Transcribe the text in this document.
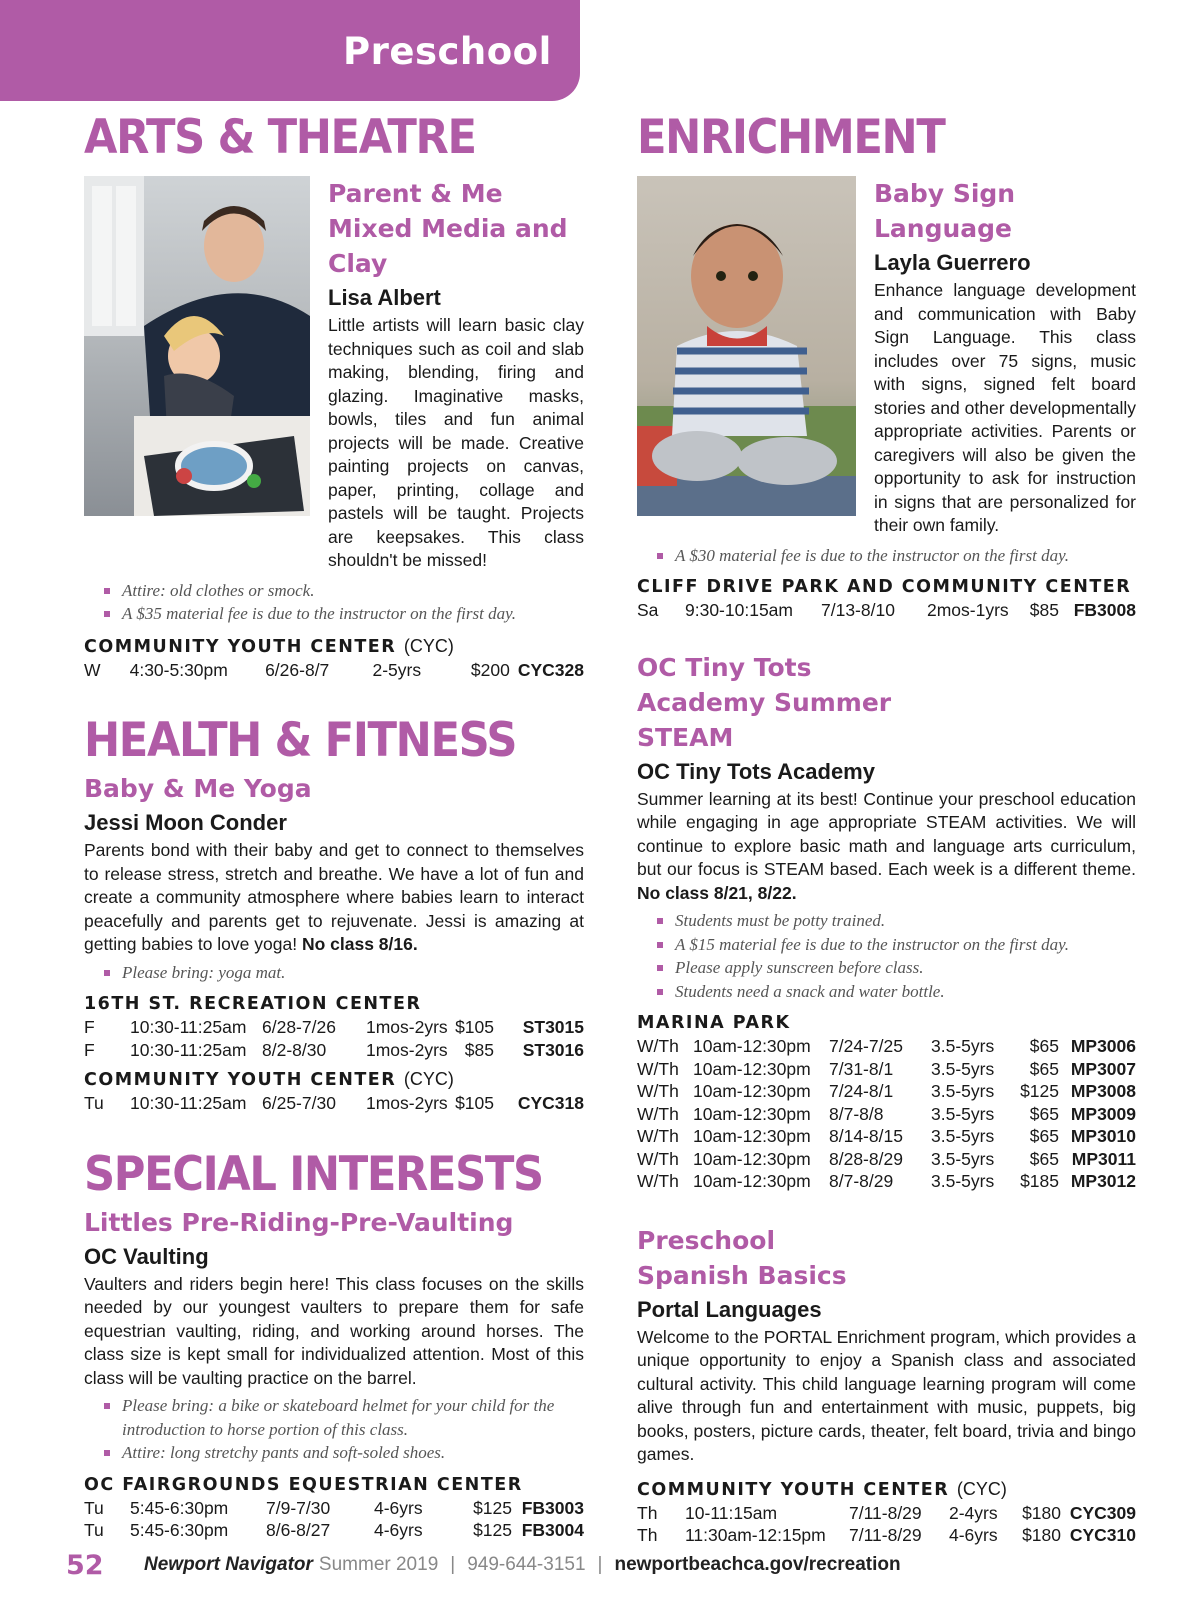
Preschool
ARTS & THEATRE
Parent & Me Mixed Media and Clay
Lisa Albert
Little artists will learn basic clay techniques such as coil and slab making, blending, firing and glazing. Imaginative masks, bowls, tiles and fun animal projects will be made. Creative painting projects on canvas, paper, printing, collage and pastels will be taught. Projects are keepsakes. This class shouldn't be missed!
Attire: old clothes or smock.
A $35 material fee is due to the instructor on the first day.
COMMUNITY YOUTH CENTER (CYC)
W	4:30-5:30pm	6/26-8/7	2-5yrs	$200	CYC328
HEALTH & FITNESS
Baby & Me Yoga
Jessi Moon Conder
Parents bond with their baby and get to connect to themselves to release stress, stretch and breathe. We have a lot of fun and create a community atmosphere where babies learn to interact peacefully and parents get to rejuvenate. Jessi is amazing at getting babies to love yoga! No class 8/16.
Please bring: yoga mat.
16TH ST. RECREATION CENTER
F	10:30-11:25am	6/28-7/26	1mos-2yrs	$105	ST3015
F	10:30-11:25am	8/2-8/30	1mos-2yrs	$85	ST3016
COMMUNITY YOUTH CENTER (CYC)
Tu	10:30-11:25am	6/25-7/30	1mos-2yrs	$105	CYC318
SPECIAL INTERESTS
Littles Pre-Riding-Pre-Vaulting
OC Vaulting
Vaulters and riders begin here! This class focuses on the skills needed by our youngest vaulters to prepare them for safe equestrian vaulting, riding, and working around horses. The class size is kept small for individualized attention. Most of this class will be vaulting practice on the barrel.
Please bring: a bike or skateboard helmet for your child for the introduction to horse portion of this class.
Attire: long stretchy pants and soft-soled shoes.
OC FAIRGROUNDS EQUESTRIAN CENTER
Tu	5:45-6:30pm	7/9-7/30	4-6yrs	$125	FB3003
Tu	5:45-6:30pm	8/6-8/27	4-6yrs	$125	FB3004
ENRICHMENT
Baby Sign Language
Layla Guerrero
Enhance language development and communication with Baby Sign Language. This class includes over 75 signs, music with signs, signed felt board stories and other developmentally appropriate activities. Parents or caregivers will also be given the opportunity to ask for instruction in signs that are personalized for their own family.
A $30 material fee is due to the instructor on the first day.
CLIFF DRIVE PARK AND COMMUNITY CENTER
Sa	9:30-10:15am	7/13-8/10	2mos-1yrs	$85	FB3008
OC Tiny Tots Academy Summer STEAM
OC Tiny Tots Academy
Summer learning at its best! Continue your preschool education while engaging in age appropriate STEAM activities. We will continue to explore basic math and language arts curriculum, but our focus is STEAM based. Each week is a different theme. No class 8/21, 8/22.
Students must be potty trained.
A $15 material fee is due to the instructor on the first day.
Please apply sunscreen before class.
Students need a snack and water bottle.
MARINA PARK
W/Th	10am-12:30pm	7/24-7/25	3.5-5yrs	$65	MP3006
W/Th	10am-12:30pm	7/31-8/1	3.5-5yrs	$65	MP3007
W/Th	10am-12:30pm	7/24-8/1	3.5-5yrs	$125	MP3008
W/Th	10am-12:30pm	8/7-8/8	3.5-5yrs	$65	MP3009
W/Th	10am-12:30pm	8/14-8/15	3.5-5yrs	$65	MP3010
W/Th	10am-12:30pm	8/28-8/29	3.5-5yrs	$65	MP3011
W/Th	10am-12:30pm	8/7-8/29	3.5-5yrs	$185	MP3012
Preschool Spanish Basics
Portal Languages
Welcome to the PORTAL Enrichment program, which provides a unique opportunity to enjoy a Spanish class and associated cultural activity. This child language learning program will come alive through fun and entertainment with music, puppets, big books, posters, picture cards, theater, felt board, trivia and bingo games.
COMMUNITY YOUTH CENTER (CYC)
Th	10-11:15am	7/11-8/29	2-4yrs	$180	CYC309
Th	11:30am-12:15pm	7/11-8/29	4-6yrs	$180	CYC310
52	Newport Navigator Summer 2019 | 949-644-3151 | newportbeachca.gov/recreation
